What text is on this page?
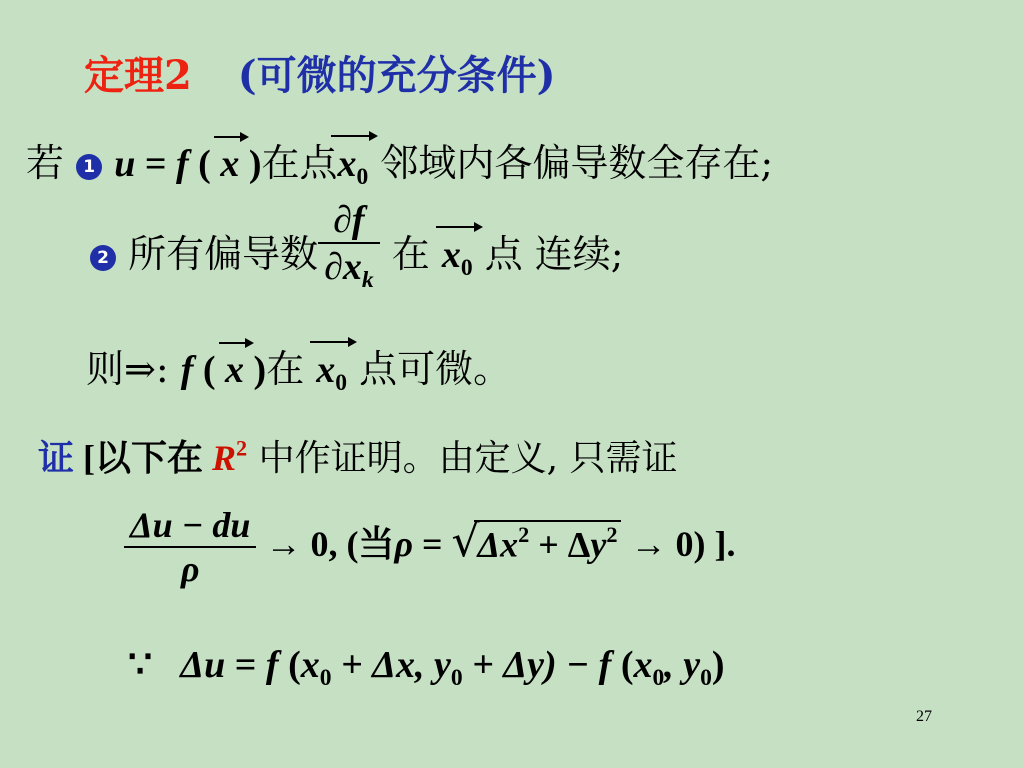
定理2 (可微的充分条件)
若 1 u = f ( x )在点$x_0$ 邻域内各偏导数全存在;
2 所有偏导数 $\frac{\partial f}{\partial x_k}$ 在 $x_0$ 点 连续;
则⇒: f ( x )在 $x_0$ 点可微。
证 [以下在 $R^2$ 中作证明。由定义, 只需证
$\frac{\Delta u - du}{\rho} \to 0$, (当ρ = √
$\Delta x^2 + \Delta y^2 \to 0$) ].
∵ Δu = f ($x_0 + \Delta x$, $y_0 + \Delta y) - f$ ($x_0$, $y_0$)
27
